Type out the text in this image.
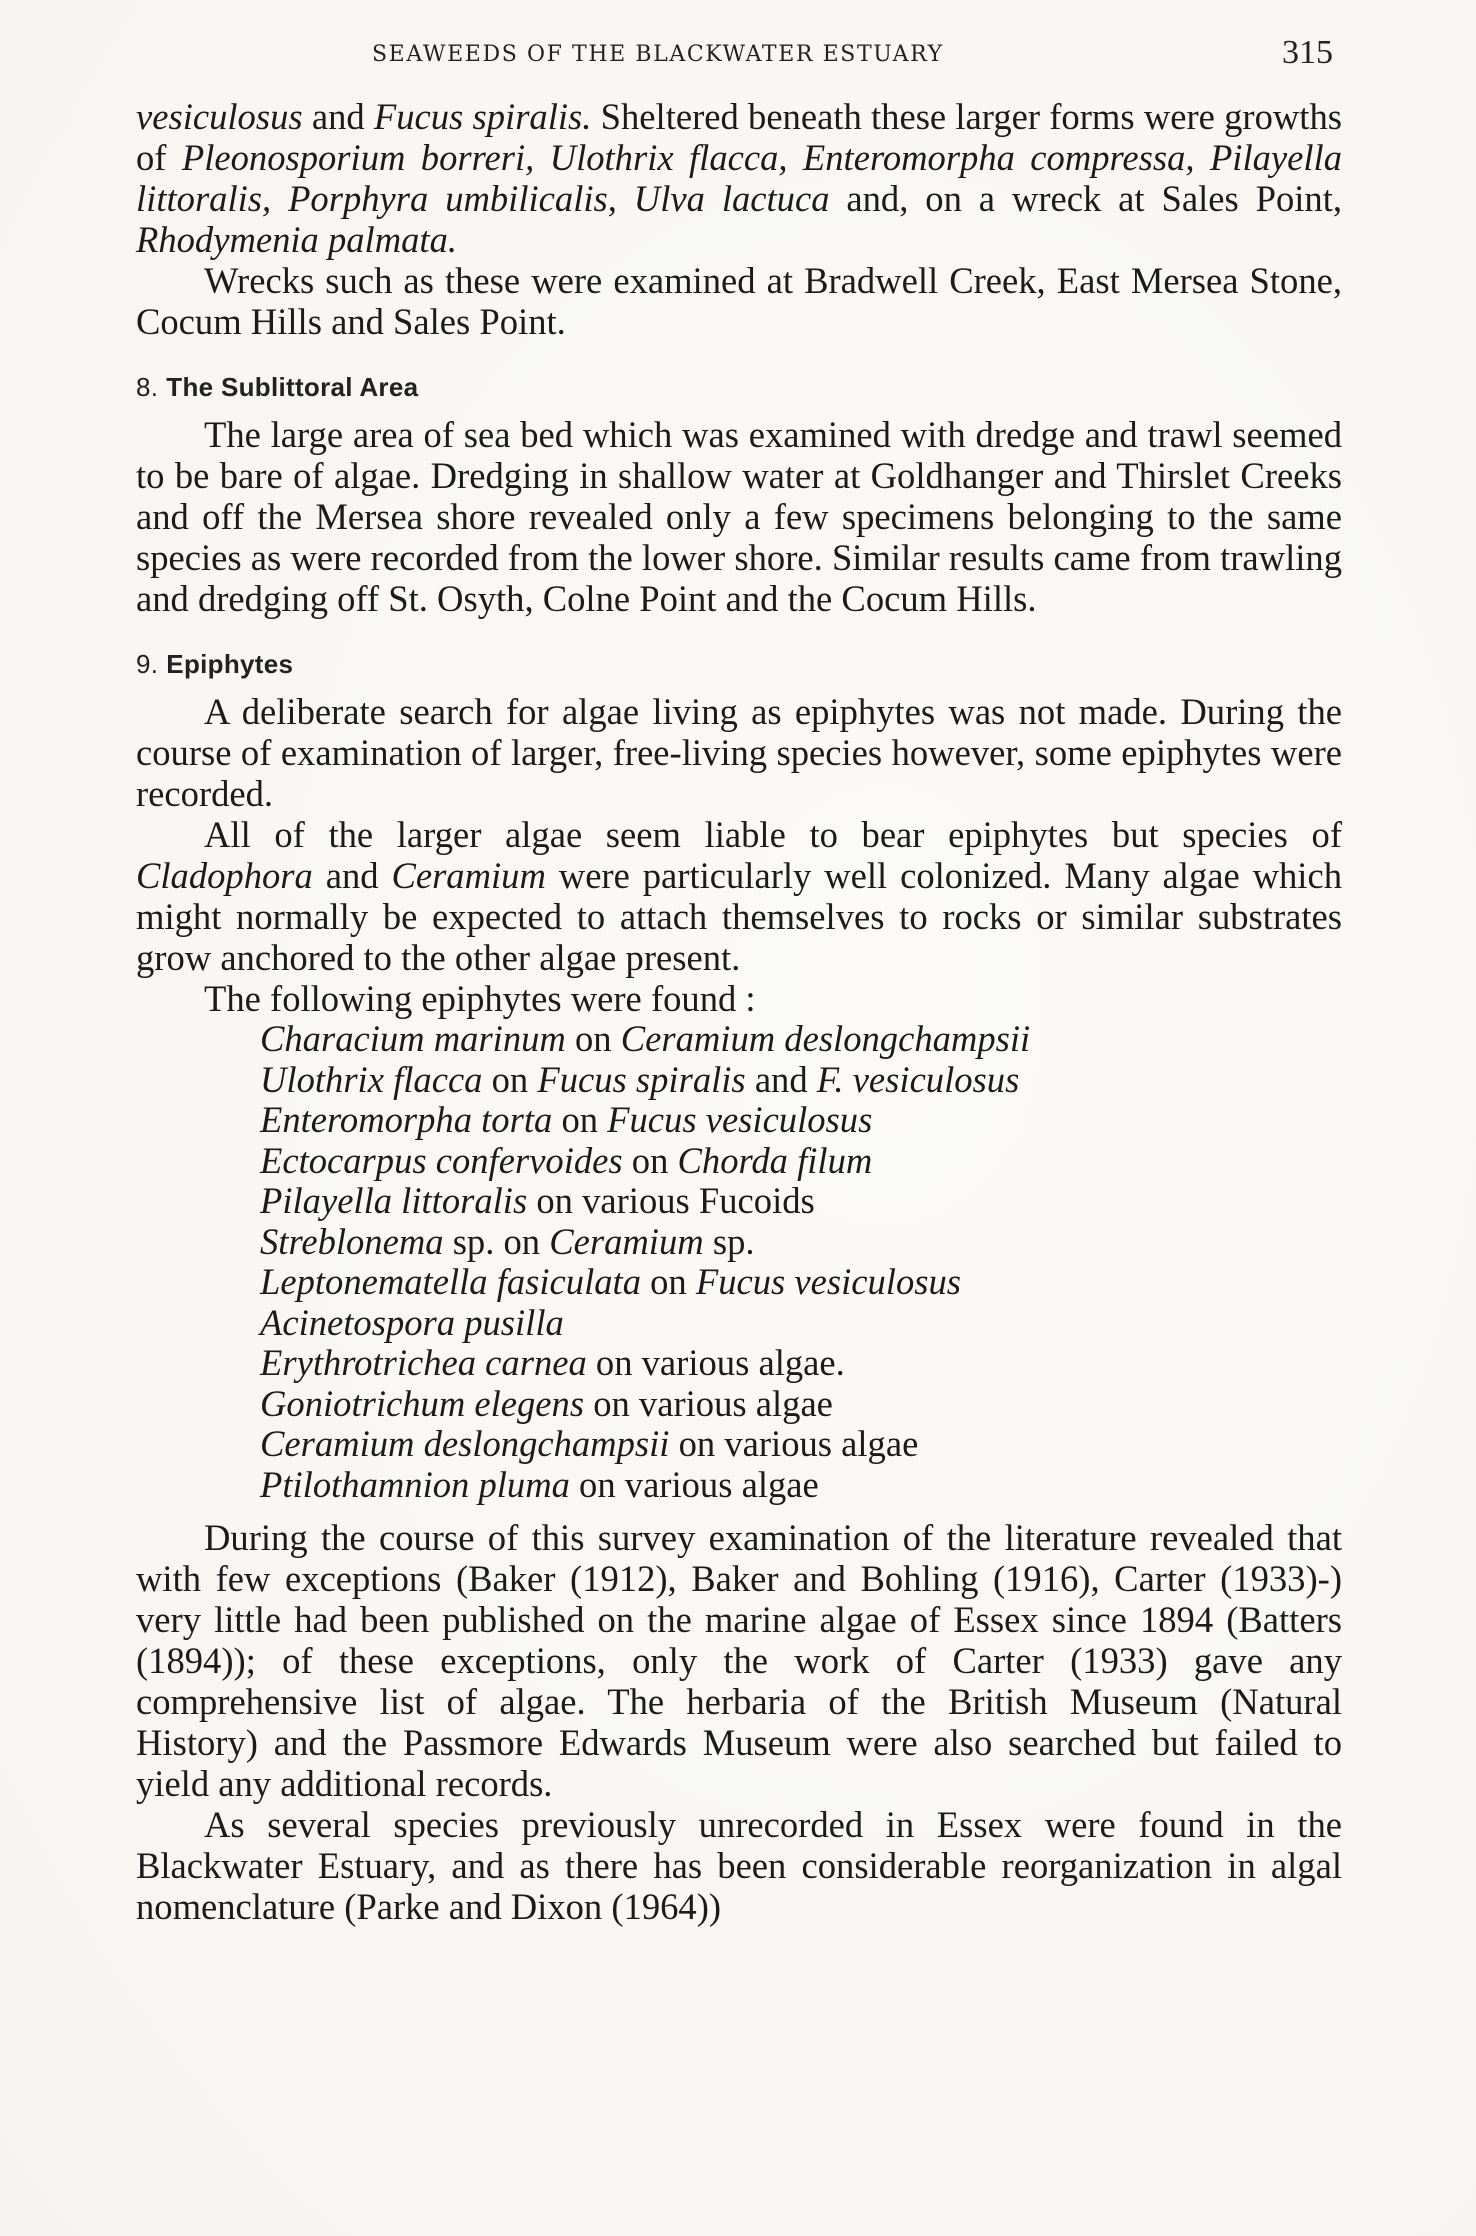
SEAWEEDS OF THE BLACKWATER ESTUARY	315

vesiculosus and Fucus spiralis. Sheltered beneath these larger forms were growths of Pleonosporium borreri, Ulothrix flacca, Enteromorpha compressa, Pilayella littoralis, Porphyra umbilicalis, Ulva lactuca and, on a wreck at Sales Point, Rhodymenia palmata.

Wrecks such as these were examined at Bradwell Creek, East Mersea Stone, Cocum Hills and Sales Point.

8. The Sublittoral Area

The large area of sea bed which was examined with dredge and trawl seemed to be bare of algae. Dredging in shallow water at Goldhanger and Thirslet Creeks and off the Mersea shore revealed only a few specimens belonging to the same species as were recorded from the lower shore. Similar results came from trawling and dredging off St. Osyth, Colne Point and the Cocum Hills.

9. Epiphytes

A deliberate search for algae living as epiphytes was not made. During the course of examination of larger, free-living species however, some epiphytes were recorded.

All of the larger algae seem liable to bear epiphytes but species of Cladophora and Ceramium were particularly well colonized. Many algae which might normally be expected to attach themselves to rocks or similar substrates grow anchored to the other algae present.

The following epiphytes were found :

Characium marinum on Ceramium deslongchampsii
Ulothrix flacca on Fucus spiralis and F. vesiculosus
Enteromorpha torta on Fucus vesiculosus
Ectocarpus confervoides on Chorda filum
Pilayella littoralis on various Fucoids
Streblonema sp. on Ceramium sp.
Leptonematella fasiculata on Fucus vesiculosus
Acinetospora pusilla
Erythrotrichea carnea on various algae.
Goniotrichum elegens on various algae
Ceramium deslongchampsii on various algae
Ptilothamnion pluma on various algae

During the course of this survey examination of the literature revealed that with few exceptions (Baker (1912), Baker and Bohling (1916), Carter (1933)-) very little had been published on the marine algae of Essex since 1894 (Batters (1894)); of these exceptions, only the work of Carter (1933) gave any comprehensive list of algae. The herbaria of the British Museum (Natural History) and the Passmore Edwards Museum were also searched but failed to yield any additional records.

As several species previously unrecorded in Essex were found in the Blackwater Estuary, and as there has been considerable reorganization in algal nomenclature (Parke and Dixon (1964))
